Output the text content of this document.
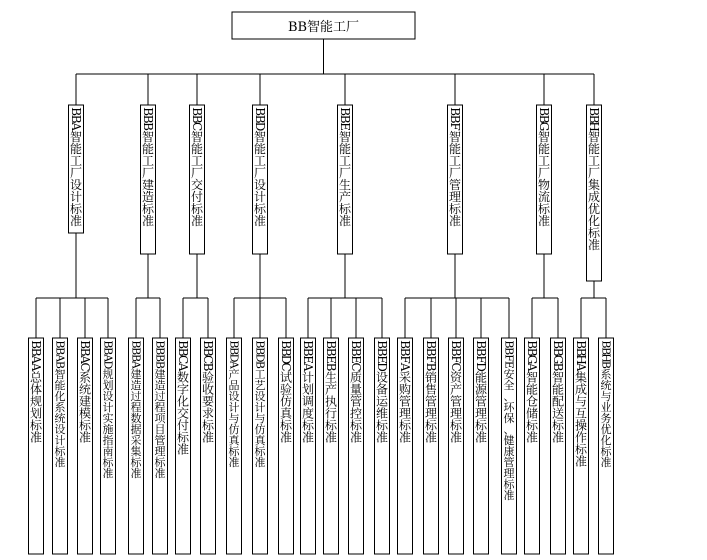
BB智能工厂
B
B
A
智
能
工
厂
设
计
标
准
B
B
A
A
总
体
规
划
标
准
B
B
A
B
智
能
化
系
统
设
计
标
准
B
B
A
C
系
统
建
模
标
准
B
B
A
D
规
划
设
计
实
施
指
南
标
准
B
B
B
智
能
工
厂
建
造
标
准
B
B
B
A
建
造
过
程
数
据
采
集
标
准
B
B
B
B
建
造
过
程
项
目
管
理
标
准
B
B
C
智
能
工
厂
交
付
标
准
B
B
C
A
数
字
化
交
付
标
准
B
B
C
B
验
收
要
求
标
准
B
B
D
智
能
工
厂
设
计
标
准
B
B
D
A
产
品
设
计
与
仿
真
标
准
B
B
D
B
工
艺
设
计
与
仿
真
标
准
B
B
D
C
试
验
仿
真
标
准
B
B
E
智
能
工
厂
生
产
标
准
B
B
E
A
计
划
调
度
标
准
B
B
E
B
生
产
执
行
标
准
B
B
E
C
质
量
管
控
标
准
B
B
E
D
设
备
运
维
标
准
B
B
F
智
能
工
厂
管
理
标
准
B
B
F
A
采
购
管
理
标
准
B
B
F
B
销
售
管
理
标
准
B
B
F
C
资
产
管
理
标
准
B
B
F
D
能
源
管
理
标
准
B
B
F
E
安
全
、
环
保
、
健
康
管
理
标
准
B
B
G
智
能
工
厂
物
流
标
准
B
B
G
A
智
能
仓
储
标
准
B
B
G
B
智
能
配
送
标
准
B
B
H
智
能
工
厂
集
成
优
化
标
准
B
B
H
A
集
成
与
互
操
作
标
准
B
B
H
B
系
统
与
业
务
优
化
标
准
